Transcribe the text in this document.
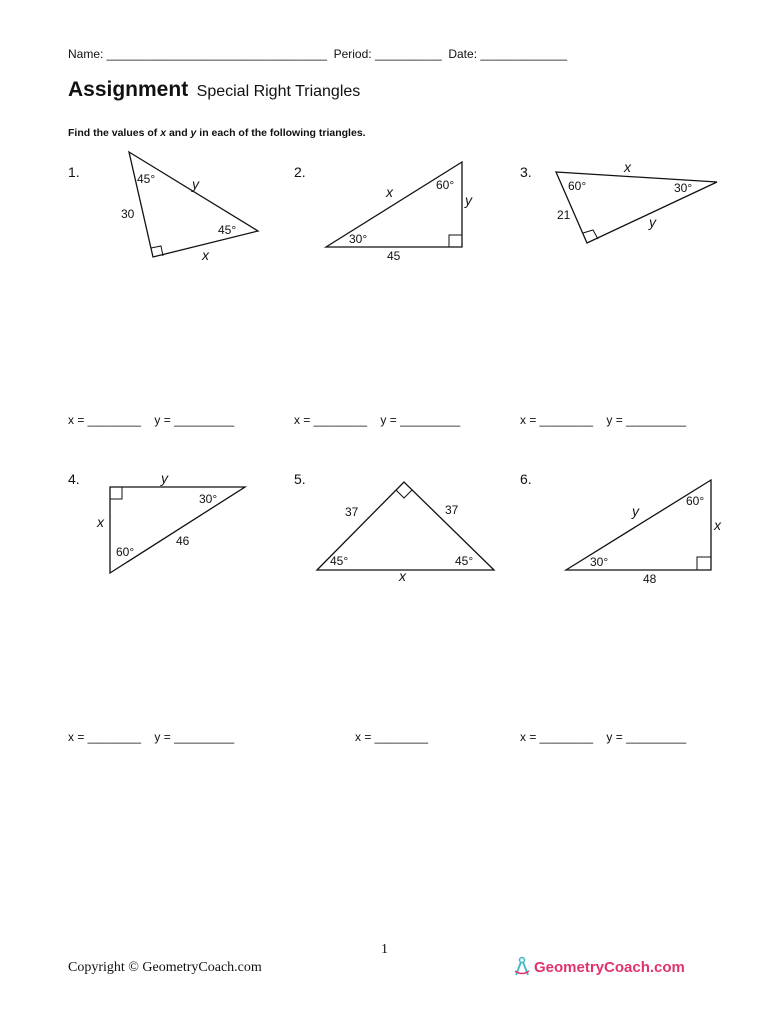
Name: _________________________________  Period: __________  Date: _____________
Assignment Special Right Triangles
Find the values of x and y in each of the following triangles.
1.	2.	3.
4.	5.	6.
45°
45°
30
y
x
x	60°
y
30°
45
x
60°	30°
21	y
y
30°
x
46
60°
37	37
45°	45°
x
y
60°
x
30°
48
x = ________    y = _________	x = ________    y = _________	x = ________    y = _________
x = ________    y = _________	x = ________	x = ________    y = _________
1
Copyright © GeometryCoach.com	GeometryCoach.com
